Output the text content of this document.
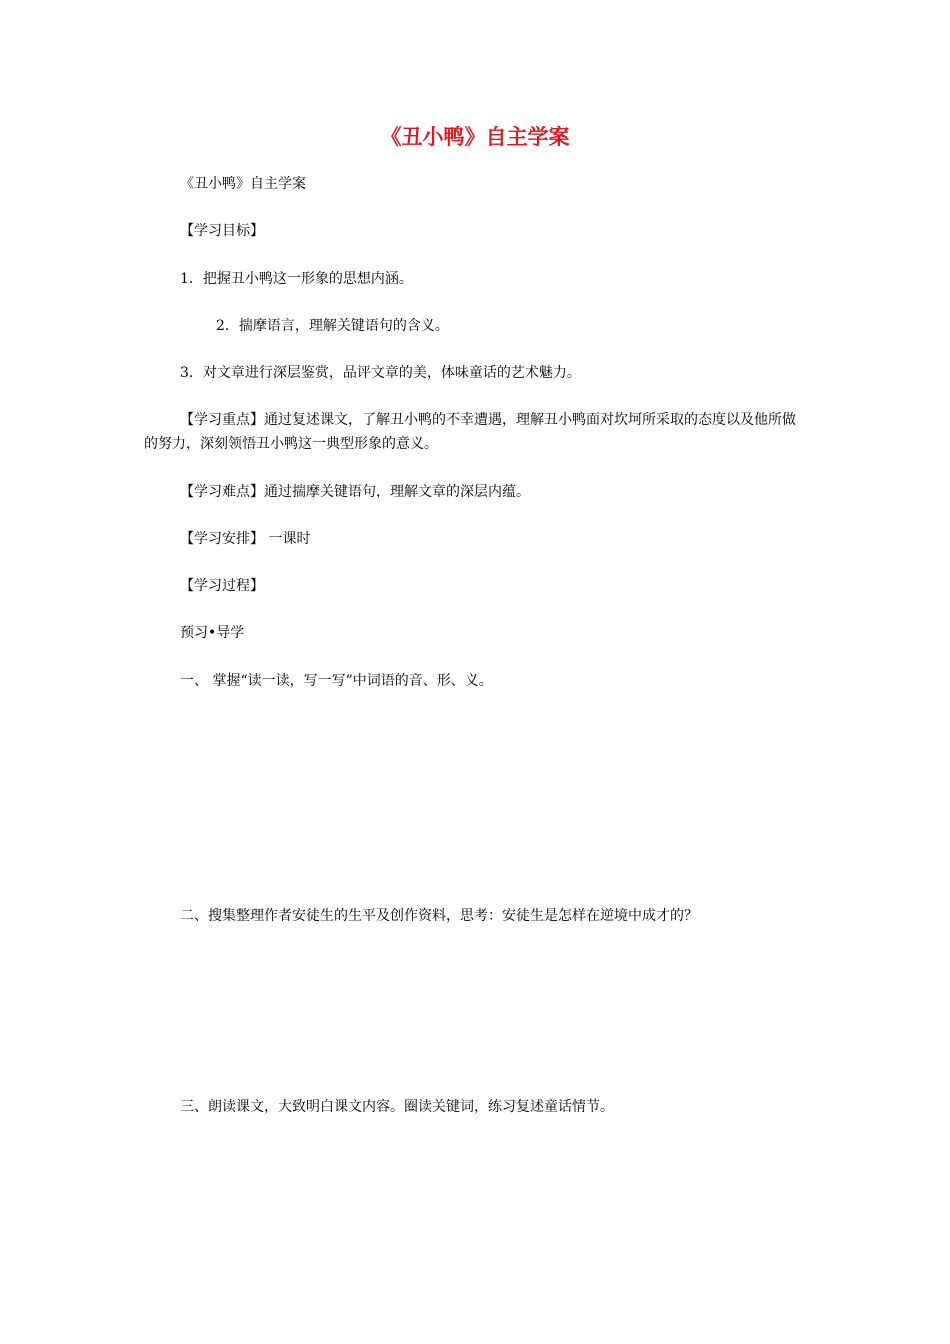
《丑小鸭》自主学案
《丑小鸭》自主学案
【学习目标】
1．把握丑小鸭这一形象的思想内涵。
2．揣摩语言，理解关键语句的含义。
3．对文章进行深层鉴赏，品评文章的美，体味童话的艺术魅力。
【学习重点】通过复述课文，了解丑小鸭的不幸遭遇，理解丑小鸭面对坎坷所采取的态度以及他所做的努力，深刻领悟丑小鸭这一典型形象的意义。
【学习难点】通过揣摩关键语句，理解文章的深层内蕴。
【学习安排】 一课时
【学习过程】
预习•导学
一、 掌握“读一读，写一写”中词语的音、形、义。
二、搜集整理作者安徒生的生平及创作资料，思考：安徒生是怎样在逆境中成才的？
三、朗读课文，大致明白课文内容。圈读关键词，练习复述童话情节。
